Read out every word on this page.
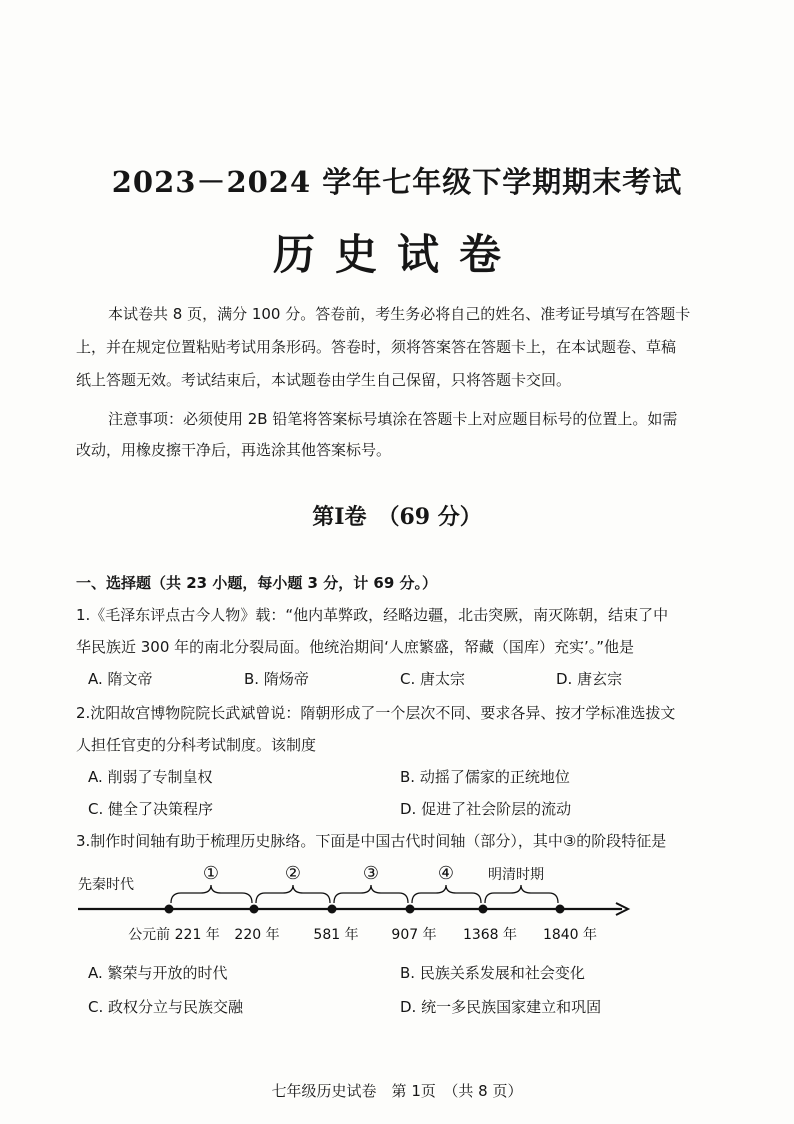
2023－2024 学年七年级下学期期末考试
历史试卷
本试卷共 8 页，满分 100 分。答卷前，考生务必将自己的姓名、准考证号填写在答题卡
上，并在规定位置粘贴考试用条形码。答卷时，须将答案答在答题卡上，在本试题卷、草稿
纸上答题无效。考试结束后，本试题卷由学生自己保留，只将答题卡交回。
注意事项：必须使用 2B 铅笔将答案标号填涂在答题卡上对应题目标号的位置上。如需
改动，用橡皮擦干净后，再选涂其他答案标号。
第I卷　（69 分）
一、选择题（共 23 小题，每小题 3 分，计 69 分。）
1.《毛泽东评点古今人物》载：“他内革弊政，经略边疆，北击突厥，南灭陈朝，结束了中
华民族近 300 年的南北分裂局面。他统治期间‘人庶繁盛，帑藏（国库）充实’。”他是
A. 隋文帝	B. 隋炀帝	C. 唐太宗	D. 唐玄宗
2.沈阳故宫博物院院长武斌曾说：隋朝形成了一个层次不同、要求各异、按才学标准选拔文
人担任官吏的分科考试制度。该制度
A. 削弱了专制皇权	B. 动摇了儒家的正统地位
C. 健全了决策程序	D. 促进了社会阶层的流动
3.制作时间轴有助于梳理历史脉络。下面是中国古代时间轴（部分），其中③的阶段特征是
先秦时代
明清时期
①	②	③	④
公元前 221 年 220 年 581 年 907 年 1368 年 1840 年
A. 繁荣与开放的时代	B. 民族关系发展和社会变化
C. 政权分立与民族交融	D. 统一多民族国家建立和巩固
七年级历史试卷　第 1页　（共 8 页）
